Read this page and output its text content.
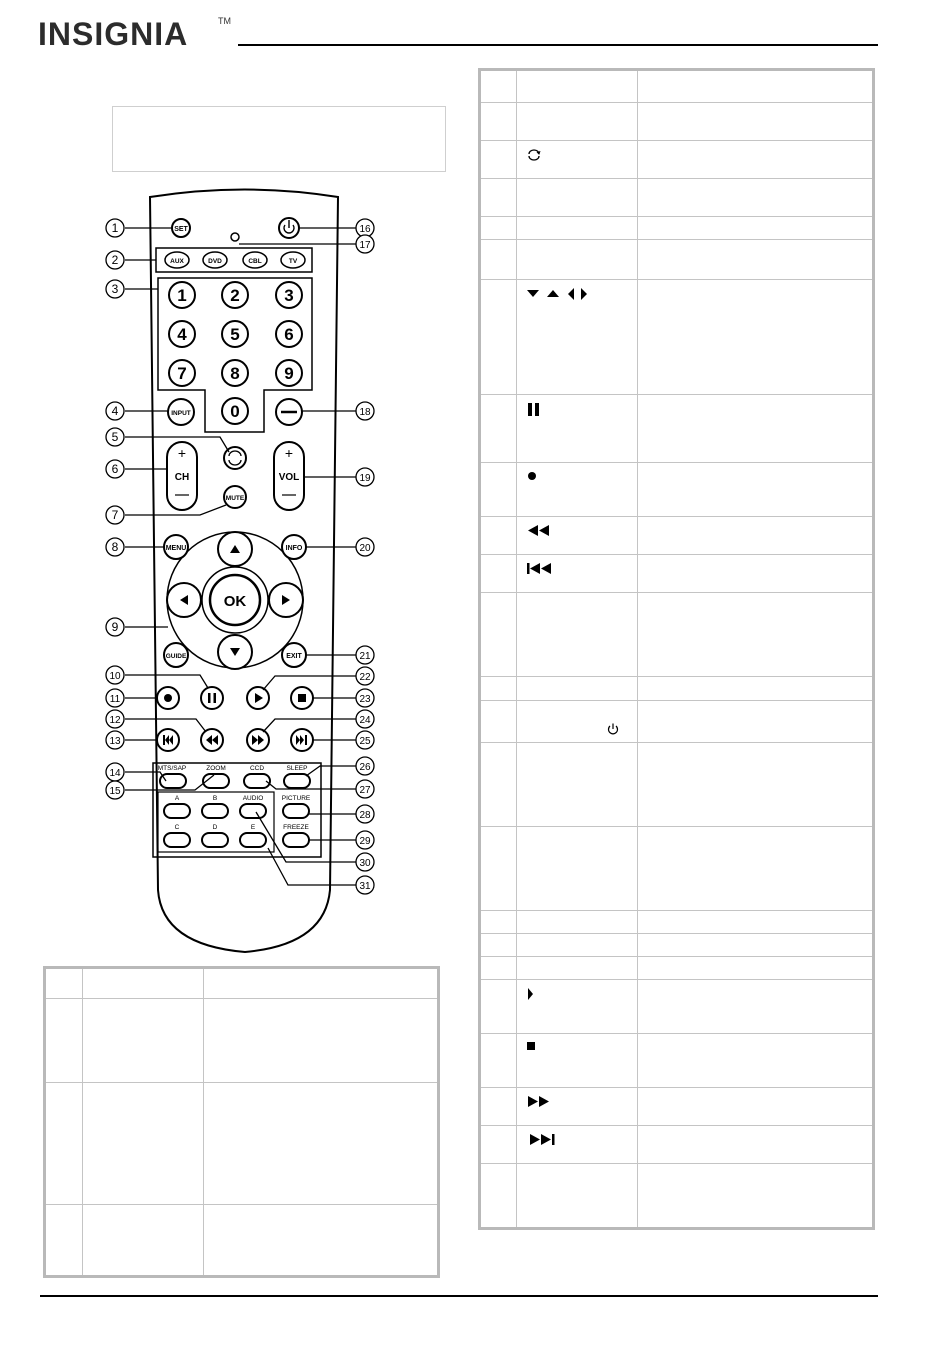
INSIGNIA	TM
SET
AUX	DVD	CBL	TV
1	2	3
4	5	6
7	8	9
0
INPUT
+
CH
+
VOL
MUTE
MENU	INFO
OK
GUIDE	EXIT
MTS/SAP	ZOOM	CCD	SLEEP
A	B	AUDIO	PICTURE
C	D	E	FREEZE
1
2
3
4
5
6
7
8
9
10
11
12
13
14
15
16
17
18
19
20
21
22
23
24
25
26
27
28
29
30
31
